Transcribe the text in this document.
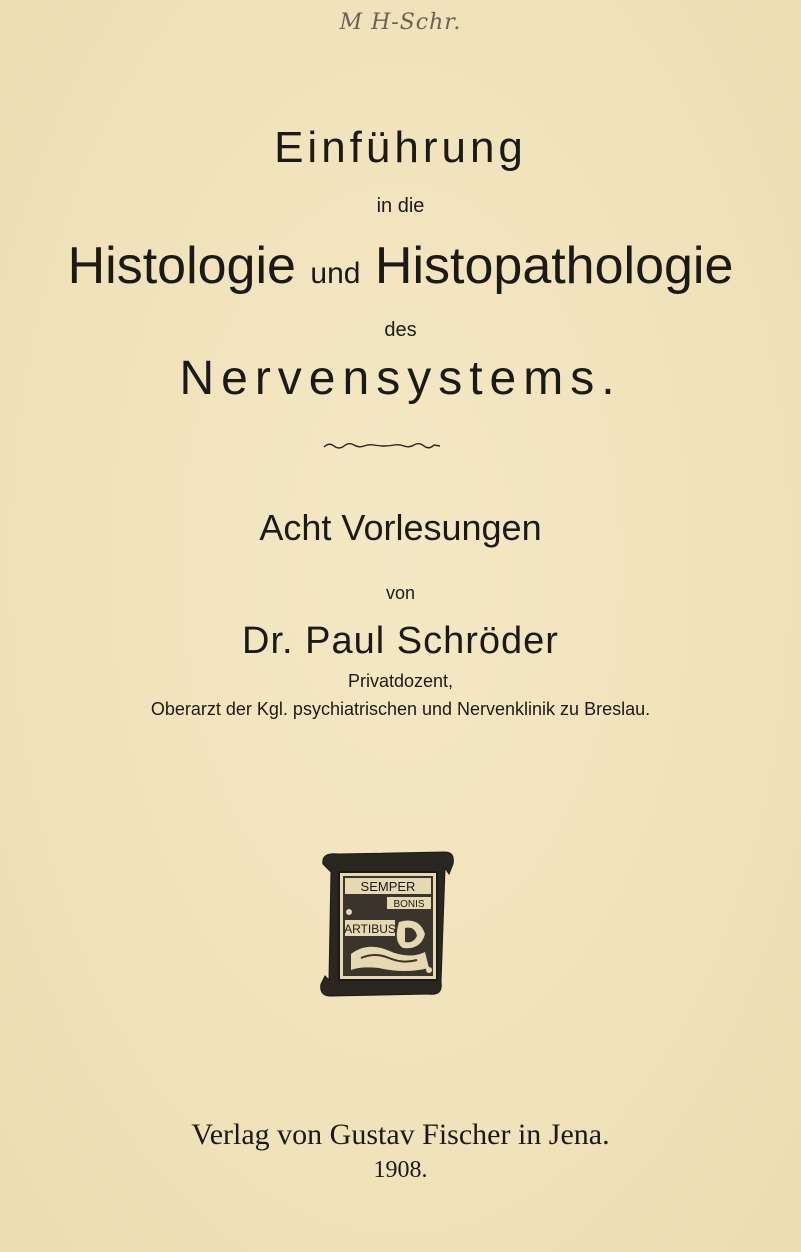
M H-Schr.
Einführung
in die
Histologie und Histopathologie
des
Nervensystems.
Acht Vorlesungen
von
Dr. Paul Schröder
Privatdozent,
Oberarzt der Kgl. psychiatrischen und Nervenklinik zu Breslau.
SEMPER
BONIS
ARTIBUS
Verlag von Gustav Fischer in Jena.
1908.
